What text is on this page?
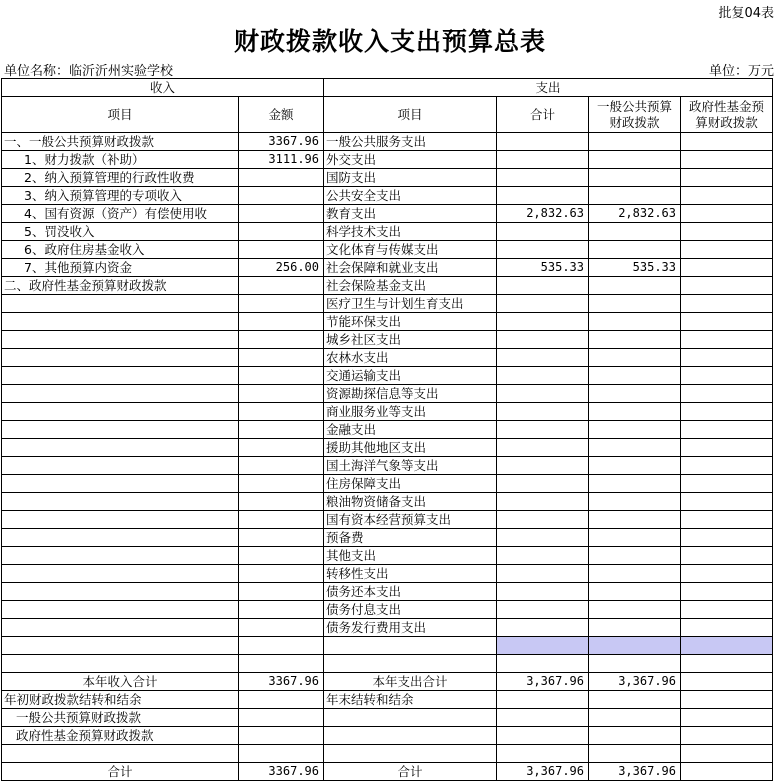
批复04表
财政拨款收入支出预算总表
单位名称：临沂沂州实验学校	单位：万元
收入		支出			
项目	金额	项目	合计	一般公共预算财政拨款	政府性基金预算财政拨款
一、一般公共预算财政拨款	3367.96	一般公共服务支出			
1、财力拨款（补助）	3111.96	外交支出			
2、纳入预算管理的行政性收费		国防支出			
3、纳入预算管理的专项收入		公共安全支出			
4、国有资源（资产）有偿使用收		教育支出	2,832.63	2,832.63	
5、罚没收入		科学技术支出			
6、政府住房基金收入		文化体育与传媒支出			
7、其他预算内资金	256.00	社会保障和就业支出	535.33	535.33	
二、政府性基金预算财政拨款		社会保险基金支出			
		医疗卫生与计划生育支出			
		节能环保支出			
		城乡社区支出			
		农林水支出			
		交通运输支出			
		资源勘探信息等支出			
		商业服务业等支出			
		金融支出			
		援助其他地区支出			
		国土海洋气象等支出			
		住房保障支出			
		粮油物资储备支出			
		国有资本经营预算支出			
		预备费			
		其他支出			
		转移性支出			
		债务还本支出			
		债务付息支出			
		债务发行费用支出			

本年收入合计	3367.96	本年支出合计	3,367.96	3,367.96	
年初财政拨款结转和结余		年末结转和结余			
一般公共预算财政拨款					
政府性基金预算财政拨款					

合计	3367.96	合计	3,367.96	3,367.96	
